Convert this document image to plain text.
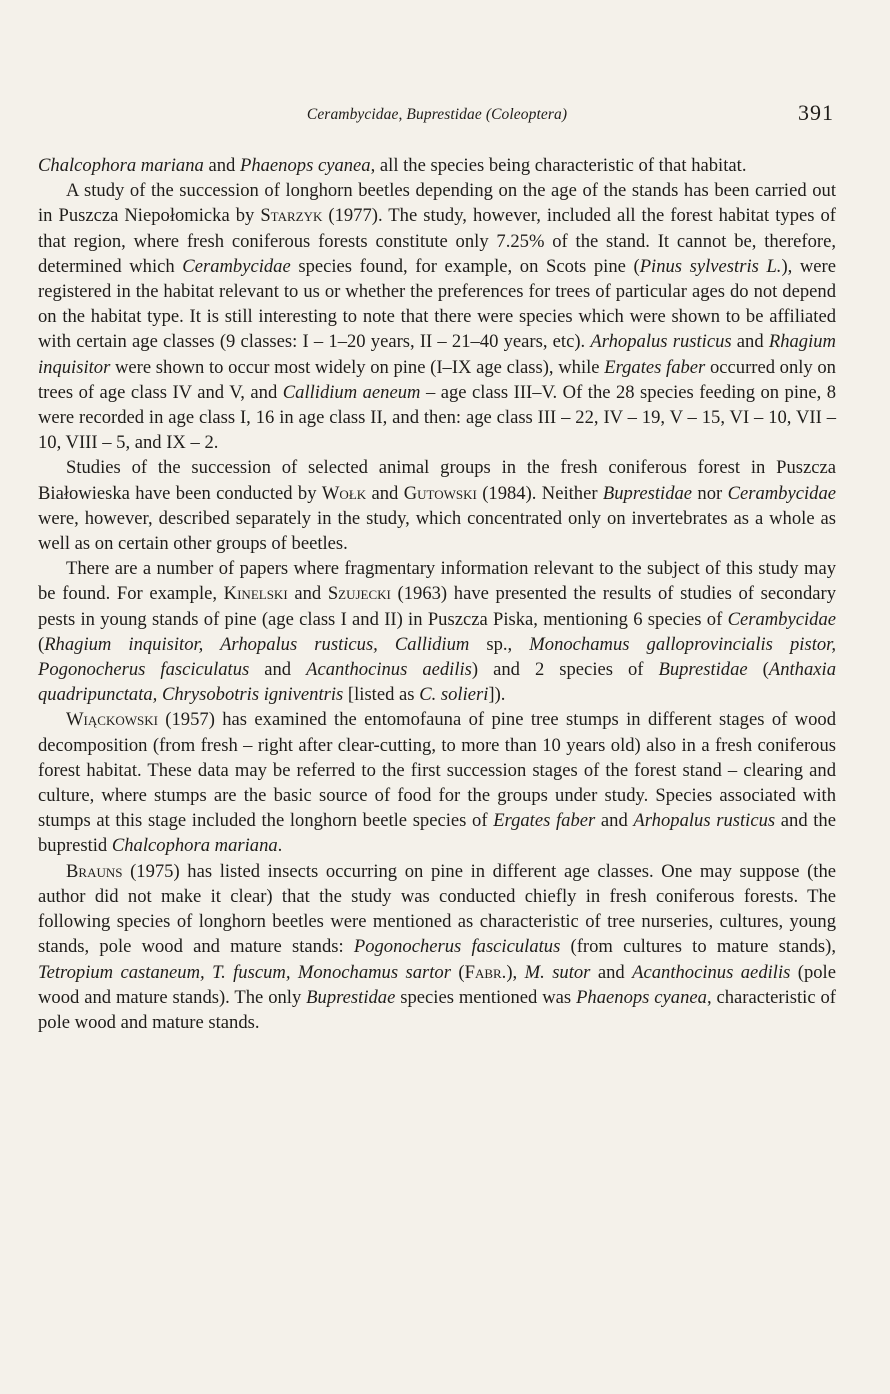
Cerambycidae, Buprestidae (Coleoptera)	391

Chalcophora mariana and Phaenops cyanea, all the species being characteristic of that habitat.

A study of the succession of longhorn beetles depending on the age of the stands has been carried out in Puszcza Niepołomicka by Starzyk (1977). The study, however, included all the forest habitat types of that region, where fresh coniferous forests constitute only 7.25% of the stand. It cannot be, therefore, determined which Cerambycidae species found, for example, on Scots pine (Pinus sylvestris L.), were registered in the habitat relevant to us or whether the preferences for trees of particular ages do not depend on the habitat type. It is still interesting to note that there were species which were shown to be affiliated with certain age classes (9 classes: I – 1–20 years, II – 21–40 years, etc). Arhopalus rusticus and Rhagium inquisitor were shown to occur most widely on pine (I–IX age class), while Ergates faber occurred only on trees of age class IV and V, and Callidium aeneum – age class III–V. Of the 28 species feeding on pine, 8 were recorded in age class I, 16 in age class II, and then: age class III – 22, IV – 19, V – 15, VI – 10, VII – 10, VIII – 5, and IX – 2.

Studies of the succession of selected animal groups in the fresh coniferous forest in Puszcza Białowieska have been conducted by Wołk and Gutowski (1984). Neither Buprestidae nor Cerambycidae were, however, described separately in the study, which concentrated only on invertebrates as a whole as well as on certain other groups of beetles.

There are a number of papers where fragmentary information relevant to the subject of this study may be found. For example, Kinelski and Szujecki (1963) have presented the results of studies of secondary pests in young stands of pine (age class I and II) in Puszcza Piska, mentioning 6 species of Cerambycidae (Rhagium inquisitor, Arhopalus rusticus, Callidium sp., Monochamus galloprovincialis pistor, Pogonocherus fasciculatus and Acanthocinus aedilis) and 2 species of Buprestidae (Anthaxia quadripunctata, Chrysobotris igniventris [listed as C. solieri]).

Wiąckowski (1957) has examined the entomofauna of pine tree stumps in different stages of wood decomposition (from fresh – right after clear-cutting, to more than 10 years old) also in a fresh coniferous forest habitat. These data may be referred to the first succession stages of the forest stand – clearing and culture, where stumps are the basic source of food for the groups under study. Species associated with stumps at this stage included the longhorn beetle species of Ergates faber and Arhopalus rusticus and the buprestid Chalcophora mariana.

Brauns (1975) has listed insects occurring on pine in different age classes. One may suppose (the author did not make it clear) that the study was conducted chiefly in fresh coniferous forests. The following species of longhorn beetles were mentioned as characteristic of tree nurseries, cultures, young stands, pole wood and mature stands: Pogonocherus fasciculatus (from cultures to mature stands), Tetropium castaneum, T. fuscum, Monochamus sartor (Fabr.), M. sutor and Acanthocinus aedilis (pole wood and mature stands). The only Buprestidae species mentioned was Phaenops cyanea, characteristic of pole wood and mature stands.
